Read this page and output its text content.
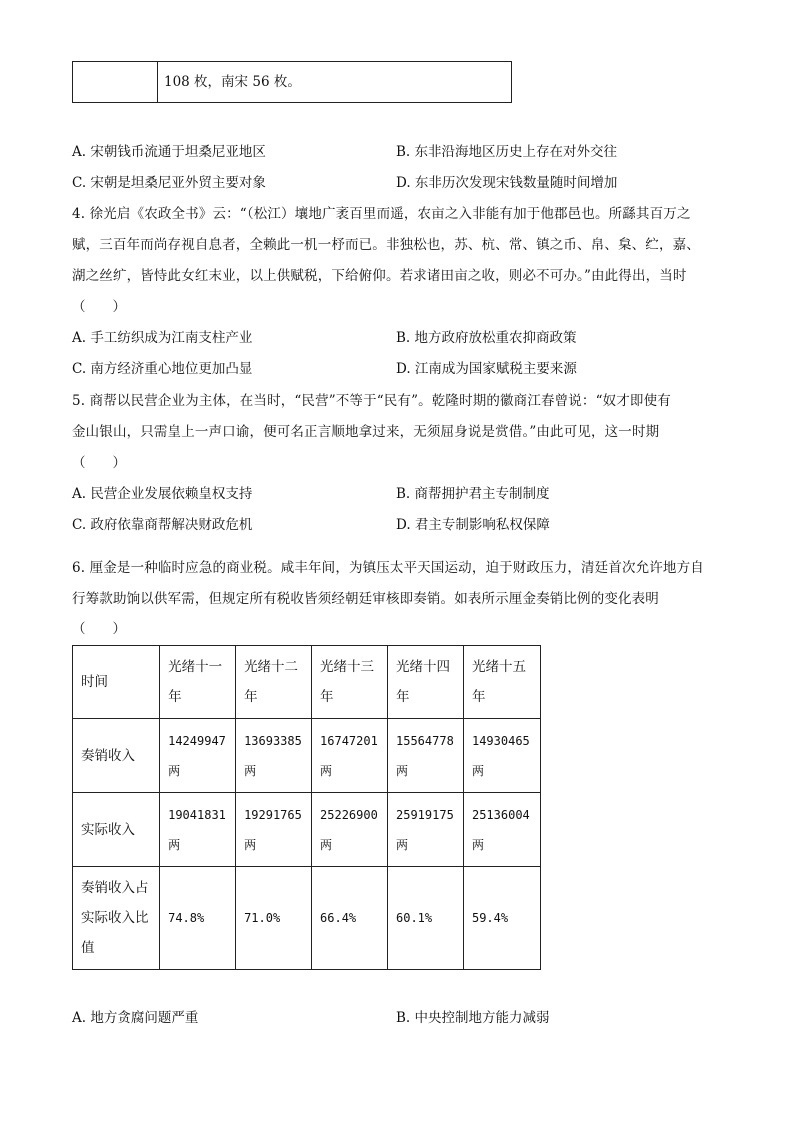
	108 枚，南宋 56 枚。
A. 宋朝钱币流通于坦桑尼亚地区	B. 东非沿海地区历史上存在对外交往
C. 宋朝是坦桑尼亚外贸主要对象	D. 东非历次发现宋钱数量随时间增加
4. 徐光启《农政全书》云：“（松江）壤地广袤百里而遥，农亩之入非能有加于他郡邑也。所繇其百万之
赋，三百年而尚存视自息者，全赖此一机一杼而已。非独松也，苏、杭、常、镇之币、帛、枲、纻，嘉、
湖之丝纩，皆恃此女红末业，以上供赋税，下给俯仰。若求诸田亩之收，则必不可办。”由此得出，当时
（　　）
A. 手工纺织成为江南支柱产业	B. 地方政府放松重农抑商政策
C. 南方经济重心地位更加凸显	D. 江南成为国家赋税主要来源
5. 商帮以民营企业为主体，在当时，“民营”不等于“民有”。乾隆时期的徽商江春曾说：“奴才即使有
金山银山，只需皇上一声口谕，便可名正言顺地拿过来，无须屈身说是赏借。”由此可见，这一时期
（　　）
A. 民营企业发展依赖皇权支持	B. 商帮拥护君主专制制度
C. 政府依靠商帮解决财政危机	D. 君主专制影响私权保障
6. 厘金是一种临时应急的商业税。咸丰年间，为镇压太平天国运动，迫于财政压力，清廷首次允许地方自
行筹款助饷以供军需，但规定所有税收皆须经朝廷审核即奏销。如表所示厘金奏销比例的变化表明
（　　）
时间	光绪十一年	光绪十二年	光绪十三年	光绪十四年	光绪十五年
奏销收入	14249947两	13693385两	16747201两	15564778两	14930465两
实际收入	19041831两	19291765两	25226900两	25919175两	25136004两
奏销收入占实际收入比值	74.8%	71.0%	66.4%	60.1%	59.4%
A. 地方贪腐问题严重	B. 中央控制地方能力减弱
